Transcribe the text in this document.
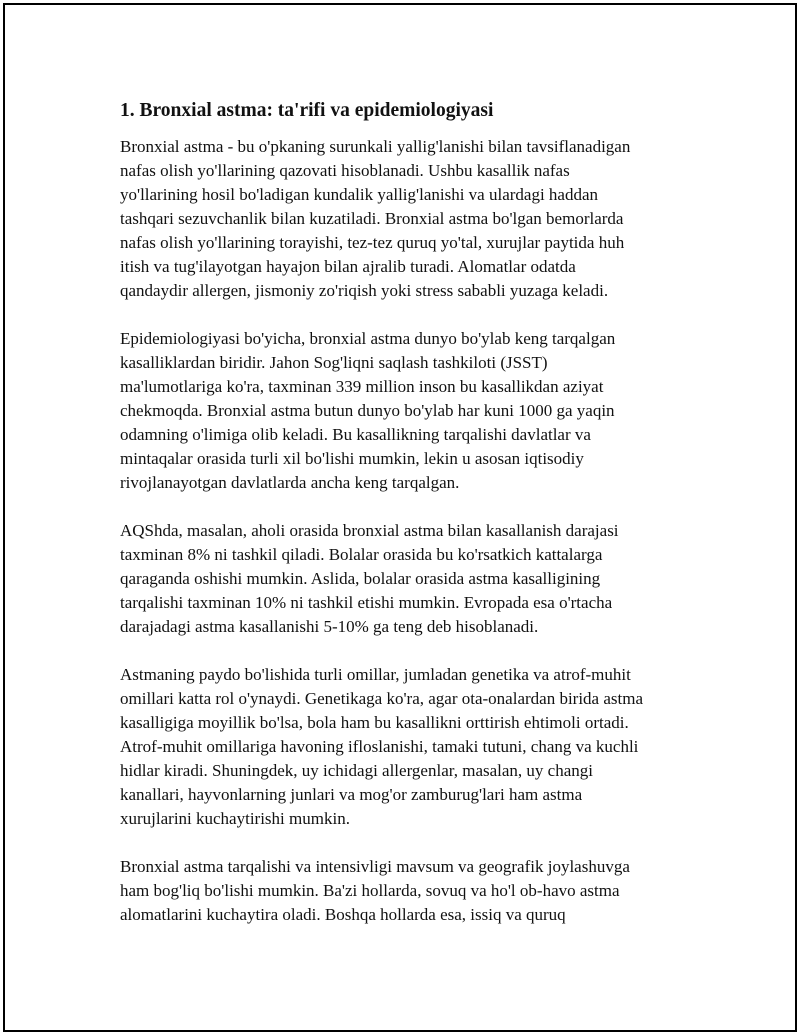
1. Bronxial astma: ta'rifi va epidemiologiyasi

Bronxial astma - bu o'pkaning surunkali yallig'lanishi bilan tavsiflanadigan
nafas olish yo'llarining qazovati hisoblanadi. Ushbu kasallik nafas
yo'llarining hosil bo'ladigan kundalik yallig'lanishi va ulardagi haddan
tashqari sezuvchanlik bilan kuzatiladi. Bronxial astma bo'lgan bemorlarda
nafas olish yo'llarining torayishi, tez-tez quruq yo'tal, xurujlar paytida huh
itish va tug'ilayotgan hayajon bilan ajralib turadi. Alomatlar odatda
qandaydir allergen, jismoniy zo'riqish yoki stress sababli yuzaga keladi.

Epidemiologiyasi bo'yicha, bronxial astma dunyo bo'ylab keng tarqalgan
kasalliklardan biridir. Jahon Sog'liqni saqlash tashkiloti (JSST)
ma'lumotlariga ko'ra, taxminan 339 million inson bu kasallikdan aziyat
chekmoqda. Bronxial astma butun dunyo bo'ylab har kuni 1000 ga yaqin
odamning o'limiga olib keladi. Bu kasallikning tarqalishi davlatlar va
mintaqalar orasida turli xil bo'lishi mumkin, lekin u asosan iqtisodiy
rivojlanayotgan davlatlarda ancha keng tarqalgan.

AQShda, masalan, aholi orasida bronxial astma bilan kasallanish darajasi
taxminan 8% ni tashkil qiladi. Bolalar orasida bu ko'rsatkich kattalarga
qaraganda oshishi mumkin. Aslida, bolalar orasida astma kasalligining
tarqalishi taxminan 10% ni tashkil etishi mumkin. Evropada esa o'rtacha
darajadagi astma kasallanishi 5-10% ga teng deb hisoblanadi.

Astmaning paydo bo'lishida turli omillar, jumladan genetika va atrof-muhit
omillari katta rol o'ynaydi. Genetikaga ko'ra, agar ota-onalardan birida astma
kasalligiga moyillik bo'lsa, bola ham bu kasallikni orttirish ehtimoli ortadi.
Atrof-muhit omillariga havoning ifloslanishi, tamaki tutuni, chang va kuchli
hidlar kiradi. Shuningdek, uy ichidagi allergenlar, masalan, uy changi
kanallari, hayvonlarning junlari va mog'or zamburug'lari ham astma
xurujlarini kuchaytirishi mumkin.

Bronxial astma tarqalishi va intensivligi mavsum va geografik joylashuvga
ham bog'liq bo'lishi mumkin. Ba'zi hollarda, sovuq va ho'l ob-havo astma
alomatlarini kuchaytira oladi. Boshqa hollarda esa, issiq va quruq
